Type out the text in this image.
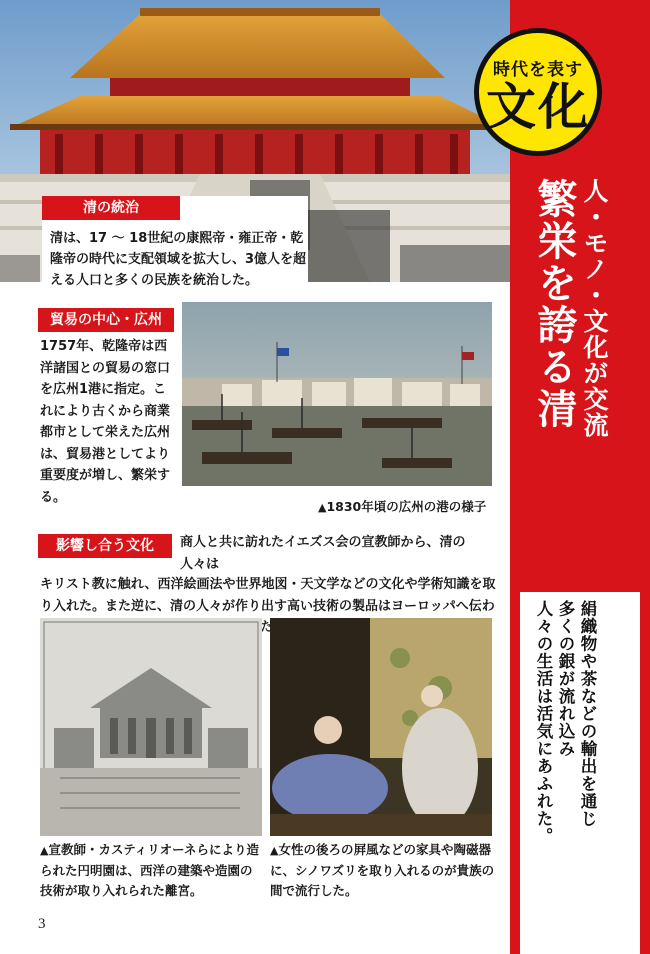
清の統治
清は、17 ～ 18世紀の康熙帝・雍正帝・乾隆帝の時代に支配領域を拡大し、3億人を超える人口と多くの民族を統治した。
時代を表す
文化
繁栄を誇る清 人・モノ・文化が交流
絹織物や茶などの輸出を通じ
多くの銀が流れ込み
人々の生活は活気にあふれた。
貿易の中心・広州
1757年、乾隆帝は西洋諸国との貿易の窓口を広州1港に指定。これにより古くから商業都市として栄えた広州は、貿易港としてより重要度が増し、繁栄する。
▲1830年頃の広州の港の様子
影響し合う文化	商人と共に訪れたイエズス会の宣教師から、清の人々は
キリスト教に触れ、西洋絵画法や世界地図・天文学などの文化や学術知識を取り入れた。また逆に、清の人々が作り出す高い技術の製品はヨーロッパへ伝わ した。
▲宣教師・カスティリオーネらにより造られた円明園は、西洋の建築や造園の技術が取り入れられた離宮。
▲女性の後ろの屛風などの家具や陶磁器に、シノワズリを取り入れるのが貴族の間で流行した。
3
